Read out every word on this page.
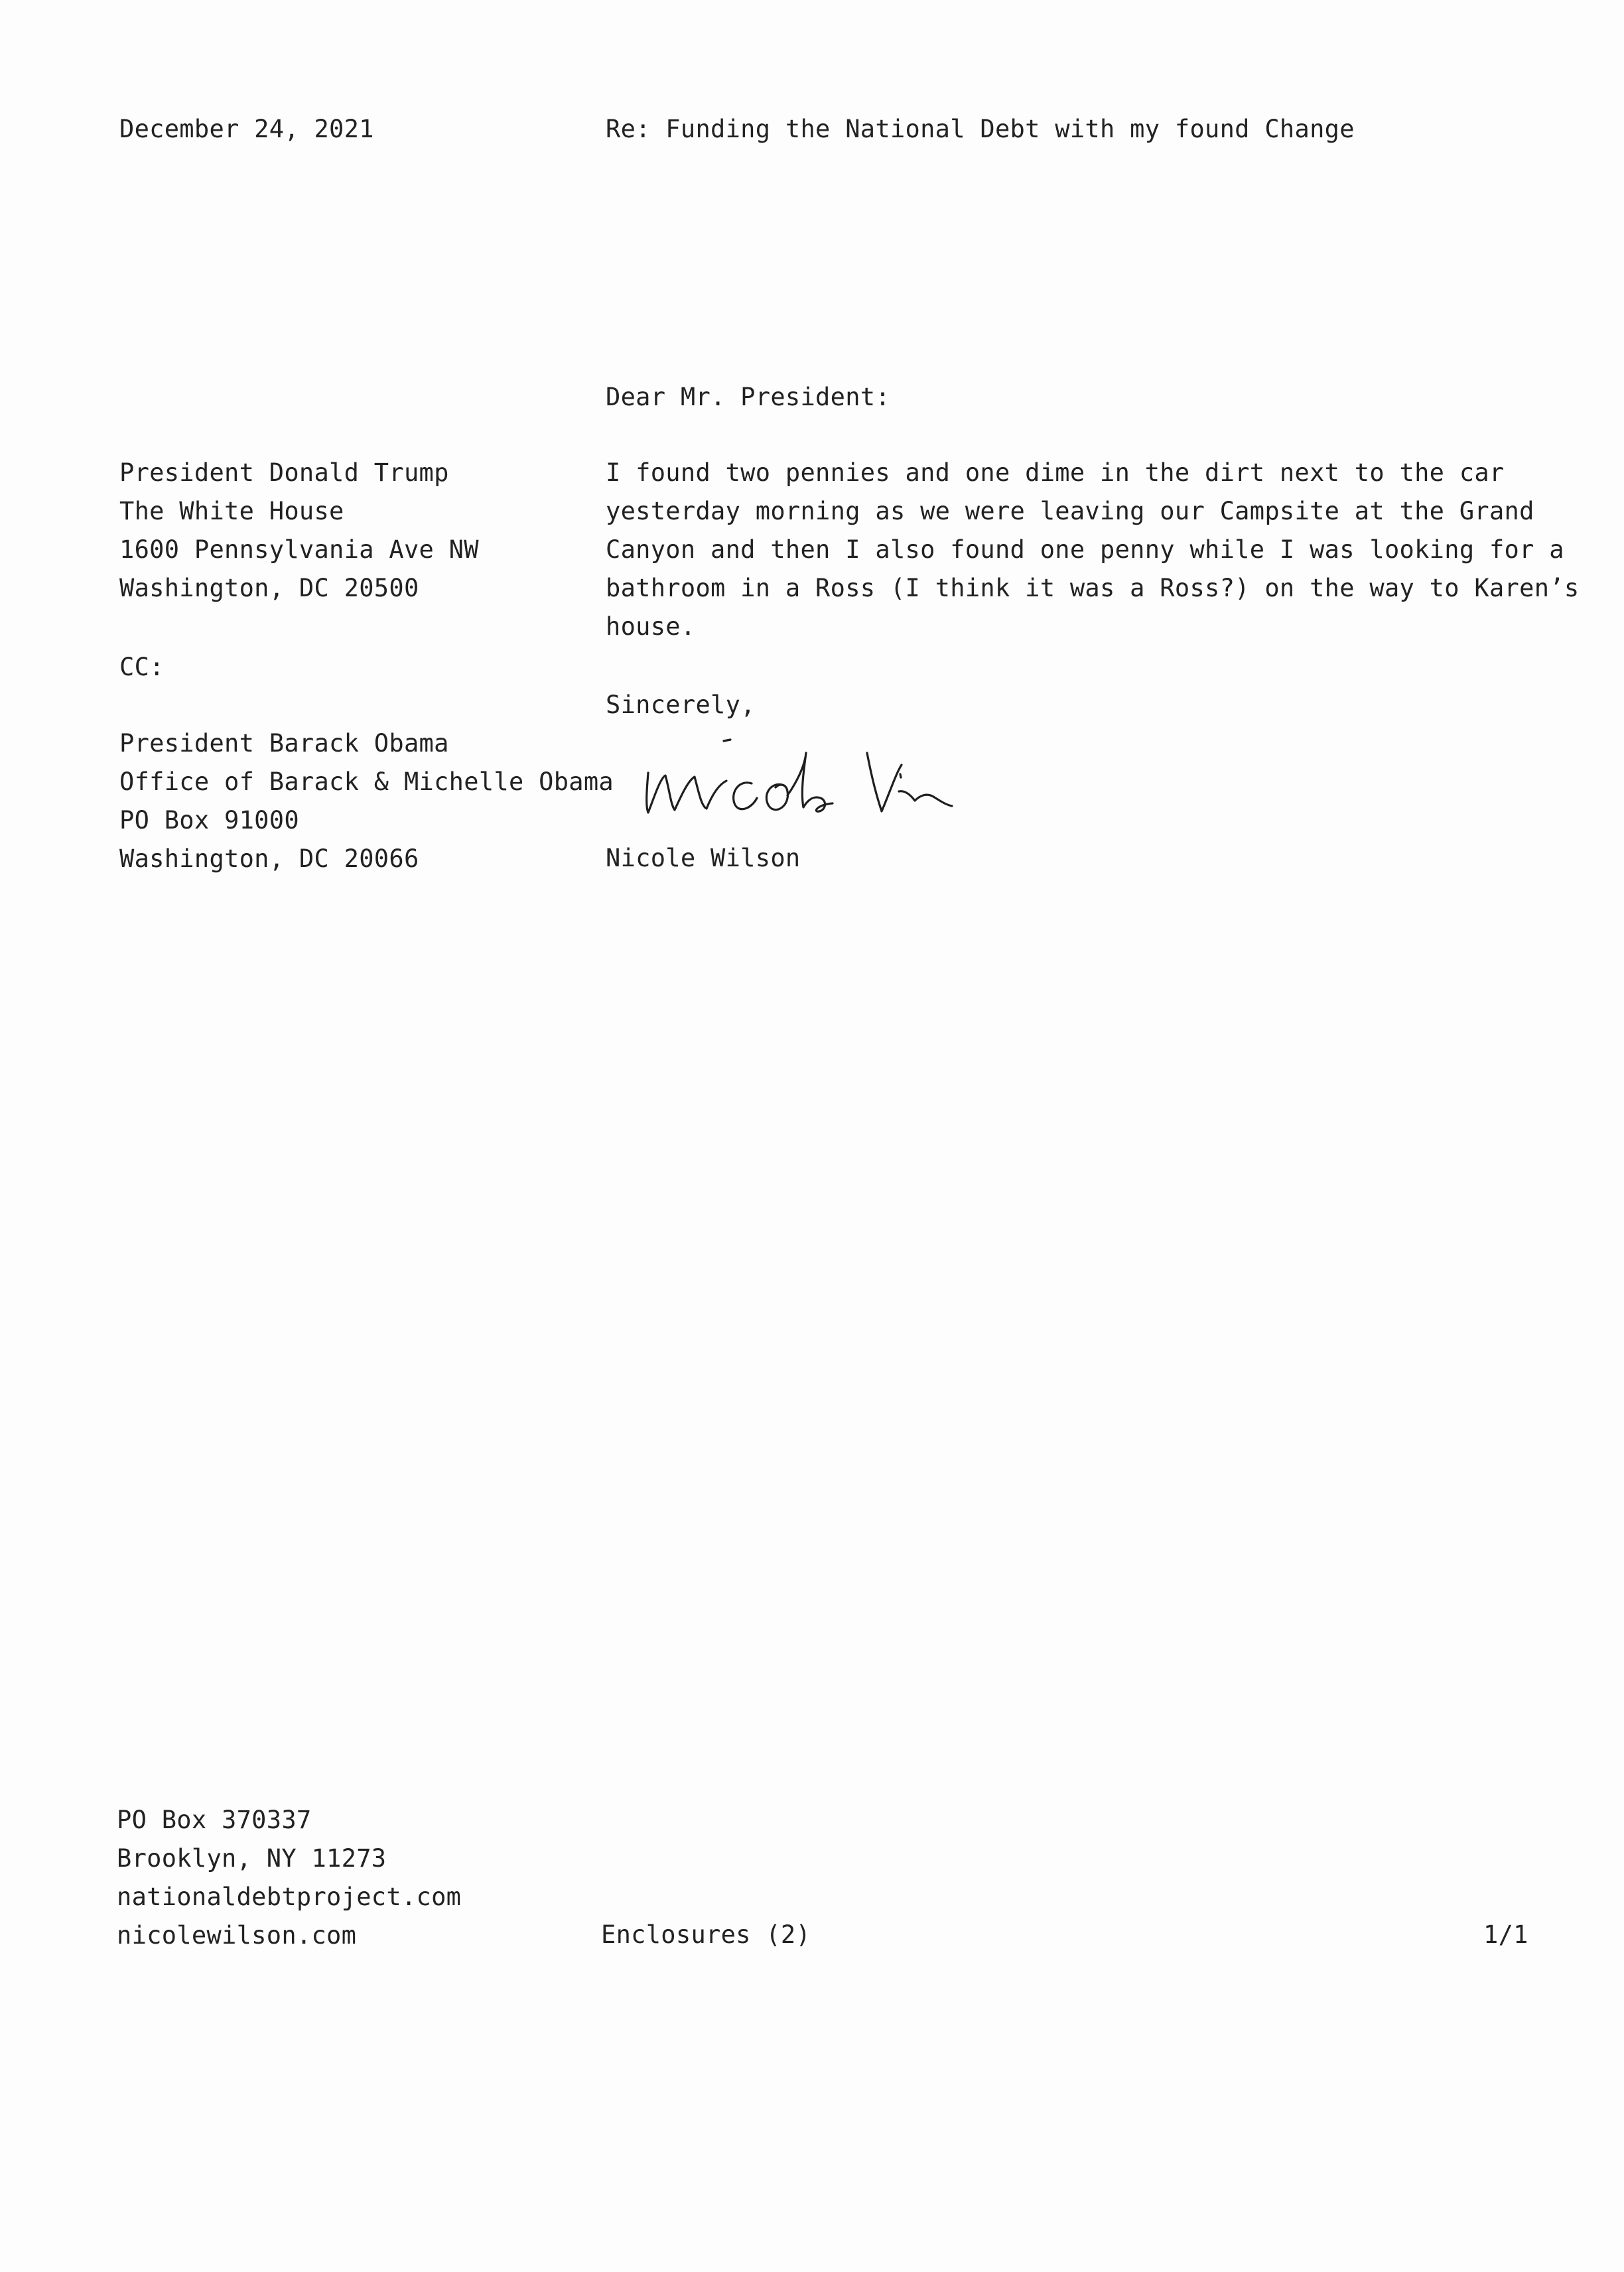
December 24, 2021	Re: Funding the National Debt with my found Change
Dear Mr. President:
President Donald Trump
The White House
1600 Pennsylvania Ave NW
Washington, DC 20500
CC:
President Barack Obama
Office of Barack & Michelle Obama
PO Box 91000
Washington, DC 20066
I found two pennies and one dime in the dirt next to the car
yesterday morning as we were leaving our Campsite at the Grand
Canyon and then I also found one penny while I was looking for a
bathroom in a Ross (I think it was a Ross?) on the way to Karen’s
house.
Sincerely,
Nicole Wilson
PO Box 370337
Brooklyn, NY 11273
nationaldebtproject.com
nicolewilson.com	Enclosures (2)	1/1
